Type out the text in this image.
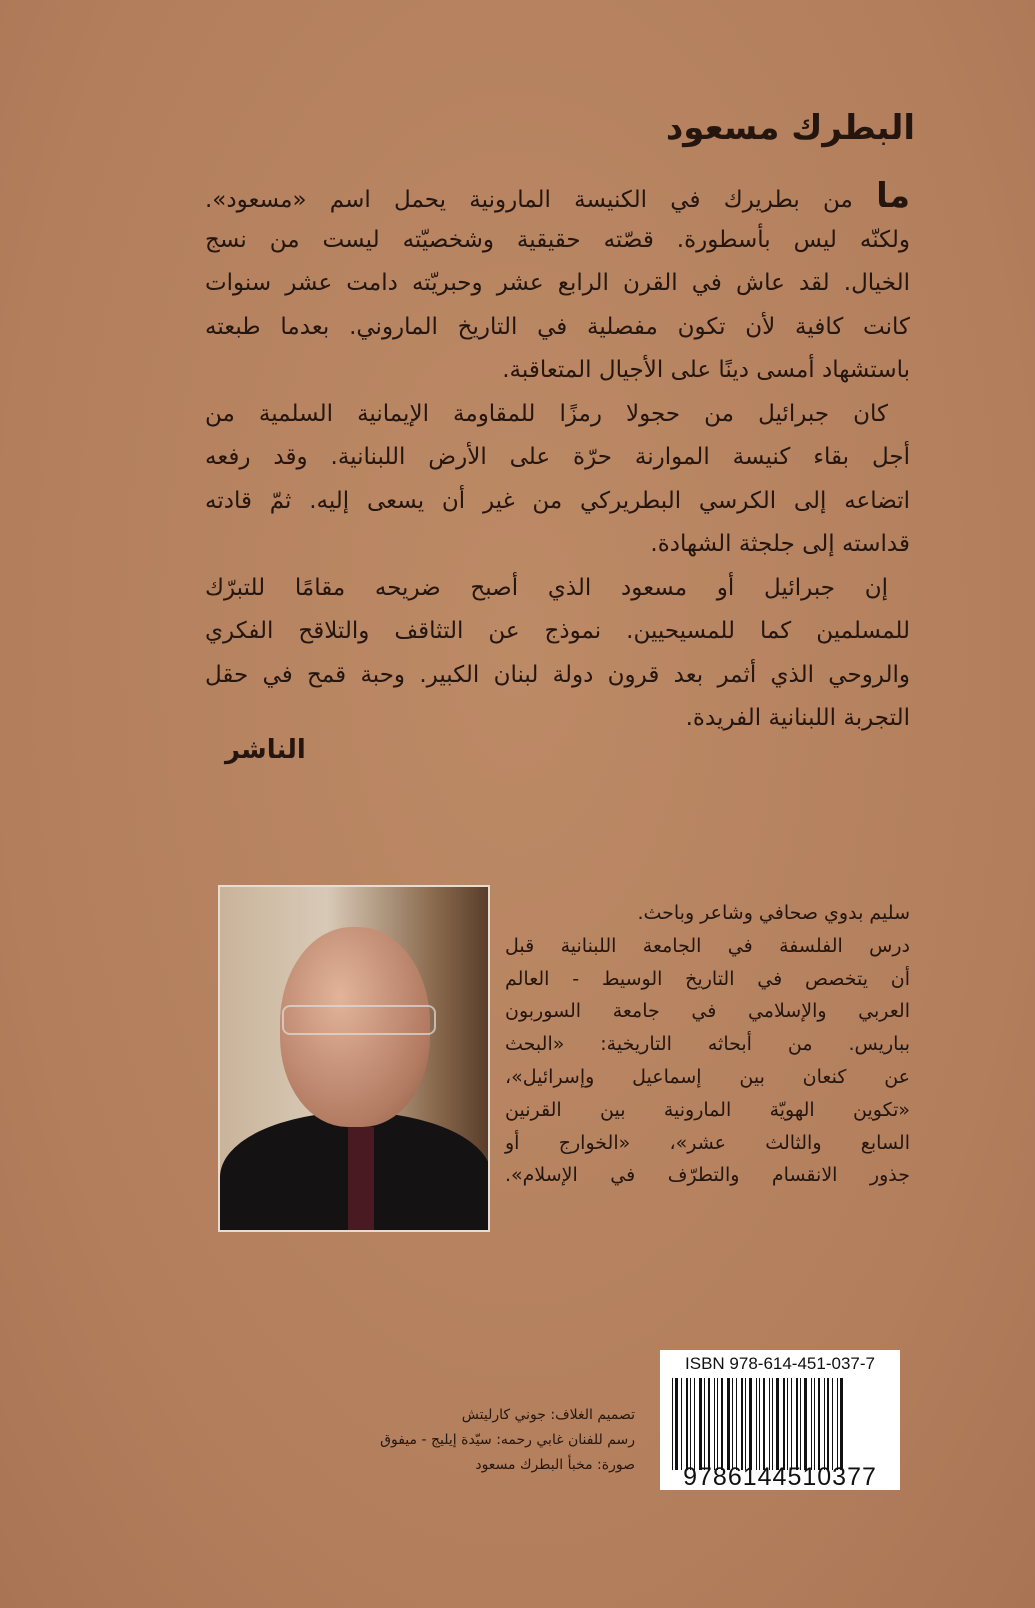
البطرك مسعود
ما من بطريرك في الكنيسة المارونية يحمل اسم «مسعود».
ولكنّه ليس بأسطورة. قصّته حقيقية وشخصيّته ليست من نسج
الخيال. لقد عاش في القرن الرابع عشر وحبريّته دامت عشر سنوات
كانت كافية لأن تكون مفصلية في التاريخ الماروني. بعدما طبعته
باستشهاد أمسى دينًا على الأجيال المتعاقبة.
كان جبرائيل من حجولا رمزًا للمقاومة الإيمانية السلمية من
أجل بقاء كنيسة الموارنة حرّة على الأرض اللبنانية. وقد رفعه
اتضاعه إلى الكرسي البطريركي من غير أن يسعى إليه. ثمّ قادته
قداسته إلى جلجثة الشهادة.
إن جبرائيل أو مسعود الذي أصبح ضريحه مقامًا للتبرّك
للمسلمين كما للمسيحيين. نموذج عن التثاقف والتلاقح الفكري
والروحي الذي أثمر بعد قرون دولة لبنان الكبير. وحبة قمح في حقل
التجربة اللبنانية الفريدة.
الناشر
سليم بدوي صحافي وشاعر وباحث.
درس الفلسفة في الجامعة اللبنانية قبل
أن يتخصص في التاريخ الوسيط - العالم
العربي والإسلامي في جامعة السوربون
بباريس. من أبحاثه التاريخية: «البحث
عن كنعان بين إسماعيل وإسرائيل»،
«تكوين الهويّة المارونية بين القرنين
السابع والثالث عشر»، «الخوارج أو
جذور الانقسام والتطرّف في الإسلام».
ISBN 978-614-451-037-7
9786144510377
تصميم الغلاف: جوني كارليتش
رسم للفنان غابي رحمه: سيّدة إيليج - ميفوق
صورة: مخبأ البطرك مسعود
